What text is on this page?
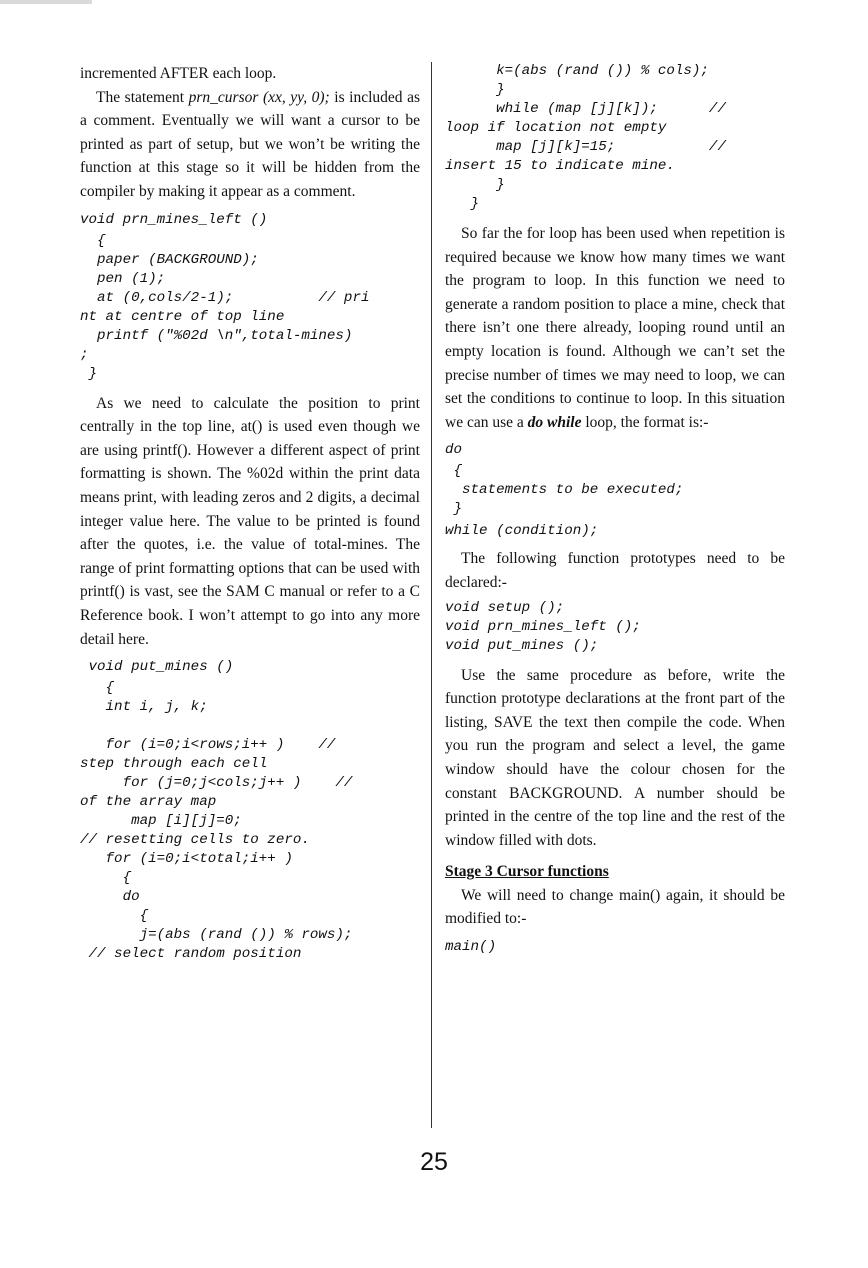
incremented AFTER each loop.

The statement prn_cursor (xx, yy, 0); is included as a comment. Eventually we will want a cursor to be printed as part of setup, but we won’t be writing the function at this stage so it will be hidden from the compiler by making it appear as a comment.

void prn_mines_left ()
{
paper (BACKGROUND);
pen (1);
at (0,cols/2-1);          // pri
nt at centre of top line
printf ("%02d \n",total-mines)
;
}

As we need to calculate the position to print centrally in the top line, at() is used even though we are using printf(). However a different aspect of print formatting is shown. The %02d within the print data means print, with leading zeros and 2 digits, a decimal integer value here. The value to be printed is found after the quotes, i.e. the value of total-mines. The range of print formatting options that can be used with printf() is vast, see the SAM C manual or refer to a C Reference book. I won’t attempt to go into any more detail here.

void put_mines ()
{
int i, j, k;

for (i=0;i<rows;i++ )    //
step through each cell
for (j=0;j<cols;j++ )    //
of the array map
map [i][j]=0;
// resetting cells to zero.
for (i=0;i<total;i++ )
{
do
{
j=(abs (rand ()) % rows);
// select random position
k=(abs (rand ()) % cols);
}
while (map [j][k]);      //
loop if location not empty
map [j][k]=15;           //
insert 15 to indicate mine.
}
}

So far the for loop has been used when repetition is required because we know how many times we want the program to loop. In this function we need to generate a random position to place a mine, check that there isn’t one there already, looping round until an empty location is found. Although we can’t set the precise number of times we may need to loop, we can set the conditions to continue to loop. In this situation we can use a do while loop, the format is:-

do
{
statements to be executed;
}
while (condition);

The following function prototypes need to be declared:-

void setup ();
void prn_mines_left ();
void put_mines ();

Use the same procedure as before, write the function prototype declarations at the front part of the listing, SAVE the text then compile the code. When you run the program and select a level, the game window should have the colour chosen for the constant BACKGROUND. A number should be printed in the centre of the top line and the rest of the window filled with dots.

Stage 3 Cursor functions

We will need to change main() again, it should be modified to:-

main()
25
